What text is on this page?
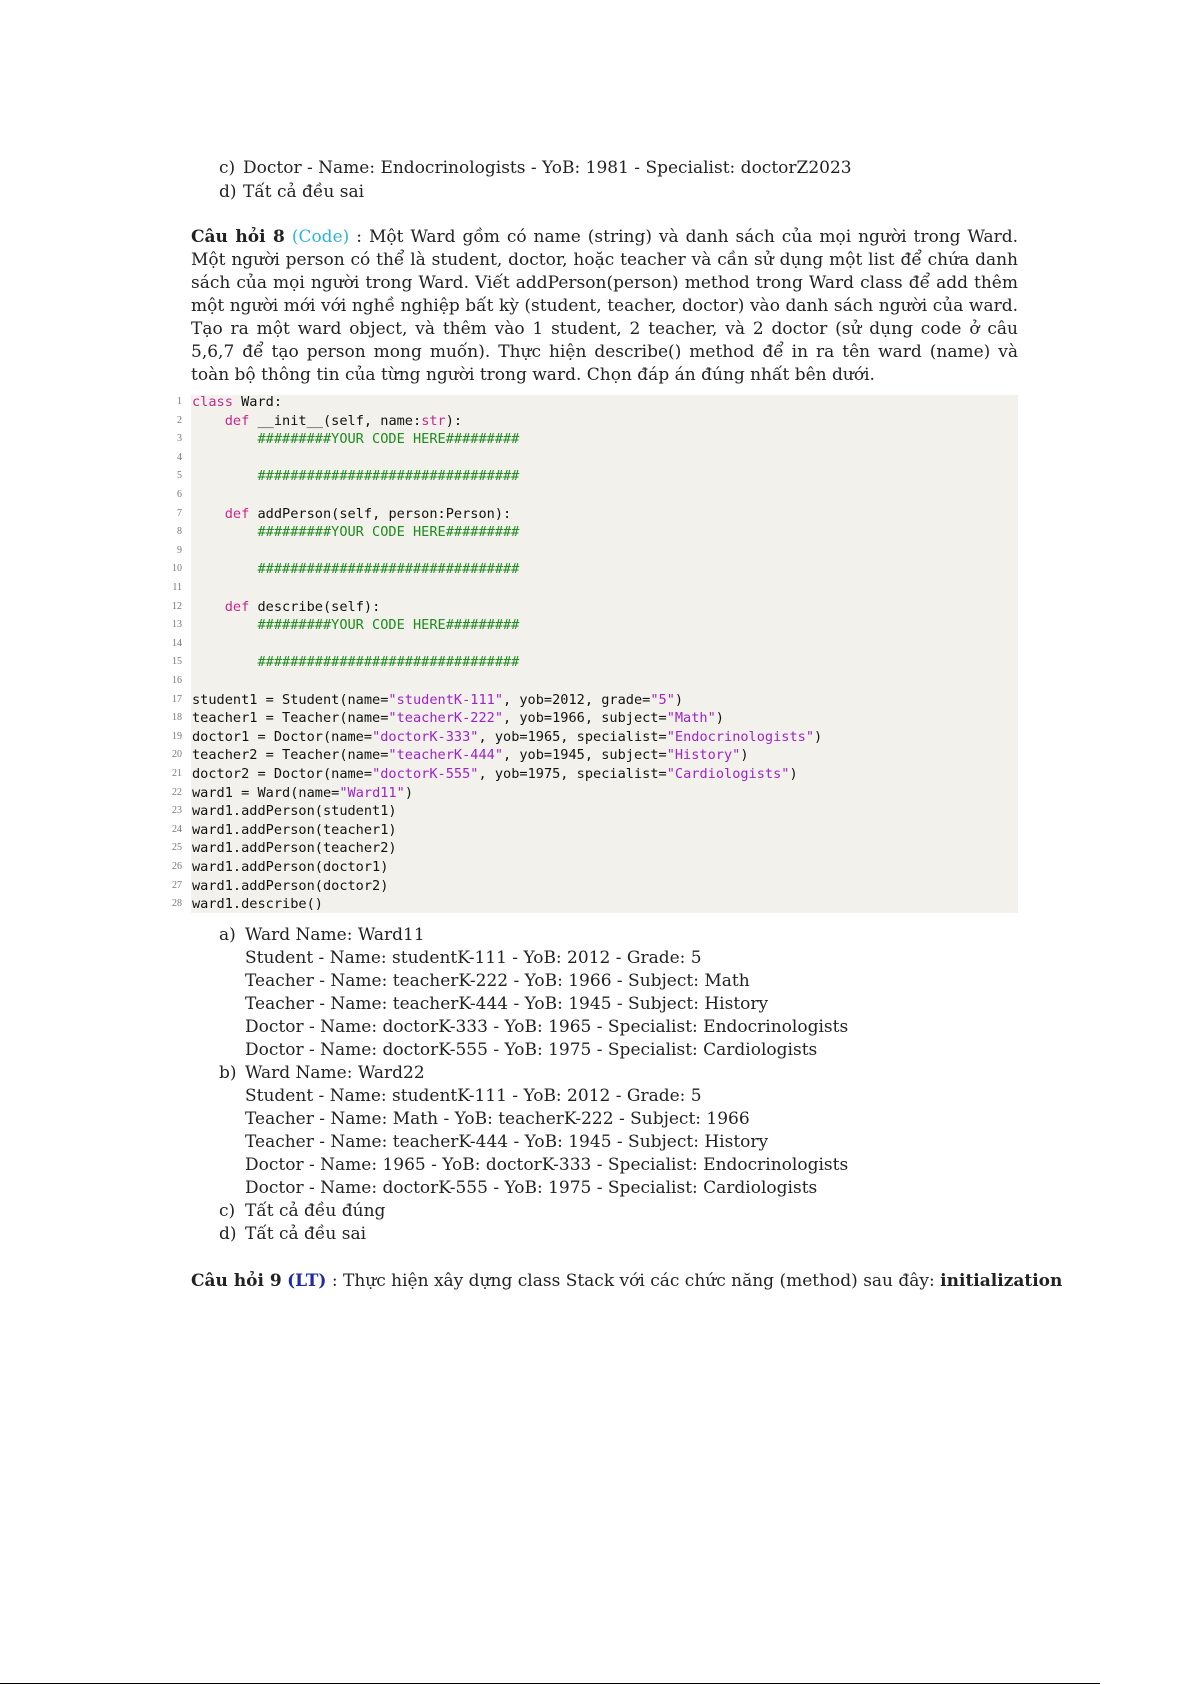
c) Doctor - Name: Endocrinologists - YoB: 1981 - Specialist: doctorZ2023
d) Tất cả đều sai
Câu hỏi 8 (Code) : Một Ward gồm có name (string) và danh sách của mọi người trong Ward. Một người person có thể là student, doctor, hoặc teacher và cần sử dụng một list để chứa danh sách của mọi người trong Ward. Viết addPerson(person) method trong Ward class để add thêm một người mới với nghề nghiệp bất kỳ (student, teacher, doctor) vào danh sách người của ward. Tạo ra một ward object, và thêm vào 1 student, 2 teacher, và 2 doctor (sử dụng code ở câu 5,6,7 để tạo person mong muốn). Thực hiện describe() method để in ra tên ward (name) và toàn bộ thông tin của từng người trong ward. Chọn đáp án đúng nhất bên dưới.
1 class Ward:
2	def __init__(self, name:str):
3 #########YOUR CODE HERE#########
4
5 ################################
6
7	def addPerson(self, person:Person):
8 #########YOUR CODE HERE#########
9
10 ################################
11
12	def describe(self):
13 #########YOUR CODE HERE#########
14
15 ################################
16
17 student1 = Student(name="studentK-111", yob=2012, grade="5")
18 teacher1 = Teacher(name="teacherK-222", yob=1966, subject="Math")
19 doctor1 = Doctor(name="doctorK-333", yob=1965, specialist="Endocrinologists")
20 teacher2 = Teacher(name="teacherK-444", yob=1945, subject="History")
21 doctor2 = Doctor(name="doctorK-555", yob=1975, specialist="Cardiologists")
22 ward1 = Ward(name="Ward11")
23 ward1.addPerson(student1)
24 ward1.addPerson(teacher1)
25 ward1.addPerson(teacher2)
26 ward1.addPerson(doctor1)
27 ward1.addPerson(doctor2)
28 ward1.describe()
a) Ward Name: Ward11
Student - Name: studentK-111 - YoB: 2012 - Grade: 5
Teacher - Name: teacherK-222 - YoB: 1966 - Subject: Math
Teacher - Name: teacherK-444 - YoB: 1945 - Subject: History
Doctor - Name: doctorK-333 - YoB: 1965 - Specialist: Endocrinologists
Doctor - Name: doctorK-555 - YoB: 1975 - Specialist: Cardiologists
b) Ward Name: Ward22
Student - Name: studentK-111 - YoB: 2012 - Grade: 5
Teacher - Name: Math - YoB: teacherK-222 - Subject: 1966
Teacher - Name: teacherK-444 - YoB: 1945 - Subject: History
Doctor - Name: 1965 - YoB: doctorK-333 - Specialist: Endocrinologists
Doctor - Name: doctorK-555 - YoB: 1975 - Specialist: Cardiologists
c) Tất cả đều đúng
d) Tất cả đều sai
Câu hỏi 9 (LT) : Thực hiện xây dựng class Stack với các chức năng (method) sau đây: initialization
